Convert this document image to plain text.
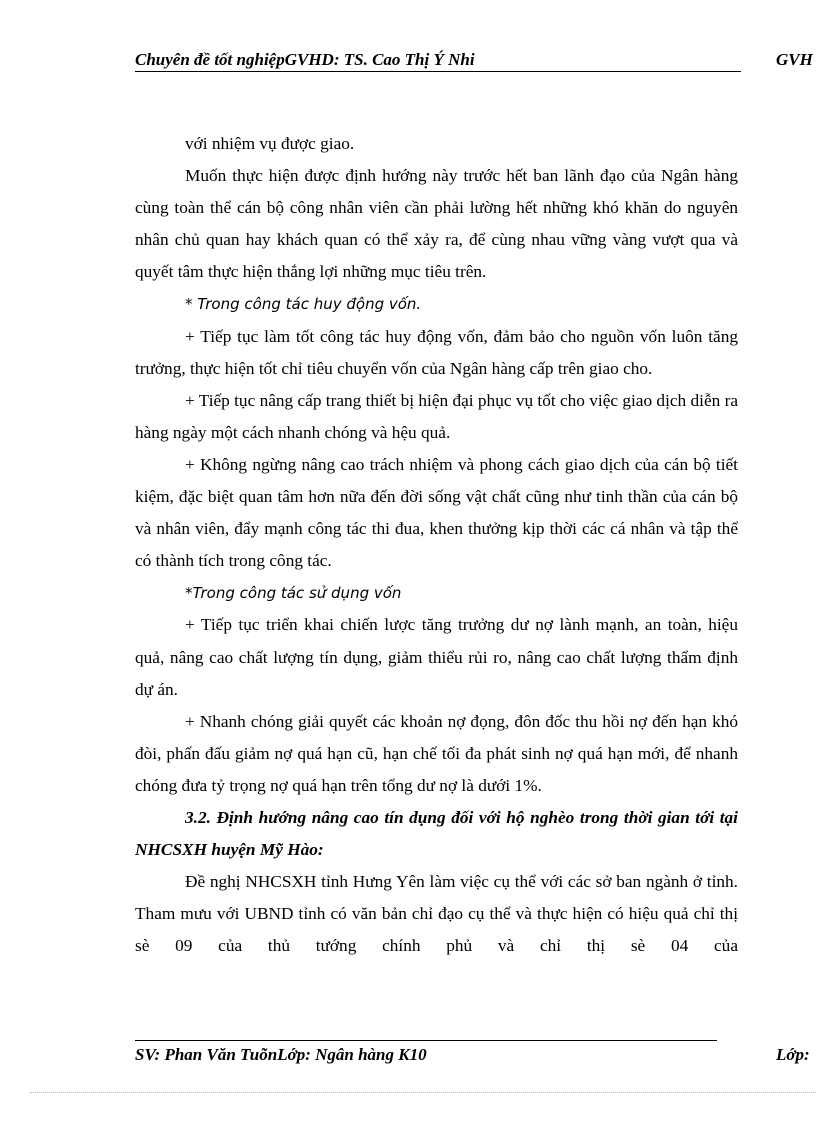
Chuyên đề tốt nghiệpGVHD: TS. Cao Thị Ý Nhi	GVH

với nhiệm vụ được giao.

Muốn thực hiện được định hướng này trước hết ban lãnh đạo của Ngân hàng cùng toàn thể cán bộ công nhân viên cần phải lường hết những khó khăn do nguyên nhân chủ quan hay khách quan có thể xảy ra, để cùng nhau vững vàng vượt qua và quyết tâm thực hiện thắng lợi những mục tiêu trên.

* Trong công tác huy động vốn.

+ Tiếp tục làm tốt công tác huy động vốn, đảm bảo cho nguồn vốn luôn tăng trưởng, thực hiện tốt chỉ tiêu chuyển vốn của Ngân hàng cấp trên giao cho.

+ Tiếp tục nâng cấp trang thiết bị hiện đại phục vụ tốt cho việc giao dịch diễn ra hàng ngày một cách nhanh chóng và hệu quả.

+ Không ngừng nâng cao trách nhiệm và phong cách giao dịch của cán bộ tiết kiệm, đặc biệt quan tâm hơn nữa đến đời sống vật chất cũng như tinh thần của cán bộ và nhân viên, đẩy mạnh công tác thi đua, khen thưởng kịp thời các cá nhân và tập thể có thành tích trong công tác.

*Trong công tác sử dụng vốn

+ Tiếp tục triển khai chiến lược tăng trưởng dư nợ lành mạnh, an toàn, hiệu quả, nâng cao chất lượng tín dụng, giảm thiểu rủi ro, nâng cao chất lượng thẩm định dự án.

+ Nhanh chóng giải quyết các khoản nợ đọng, đôn đốc thu hồi nợ đến hạn khó đòi, phấn đấu giảm nợ quá hạn cũ, hạn chế tối đa phát sinh nợ quá hạn mới, để nhanh chóng đưa tỷ trọng nợ quá hạn trên tổng dư nợ là dưới 1%.

3.2. Định hướng nâng cao tín dụng đối với hộ nghèo trong thời gian tới tại NHCSXH huyện Mỹ Hào:

Đề nghị NHCSXH tỉnh Hưng Yên làm việc cụ thể với các sở ban ngành ở tỉnh. Tham mưu với UBND tỉnh có văn bản chỉ đạo cụ thể và thực hiện có hiệu quả chỉ thị sè 09 của thủ tướng chính phủ và chỉ thị sè 04 của

SV: Phan Văn TuõnLớp: Ngân hàng K10	Lớp:
